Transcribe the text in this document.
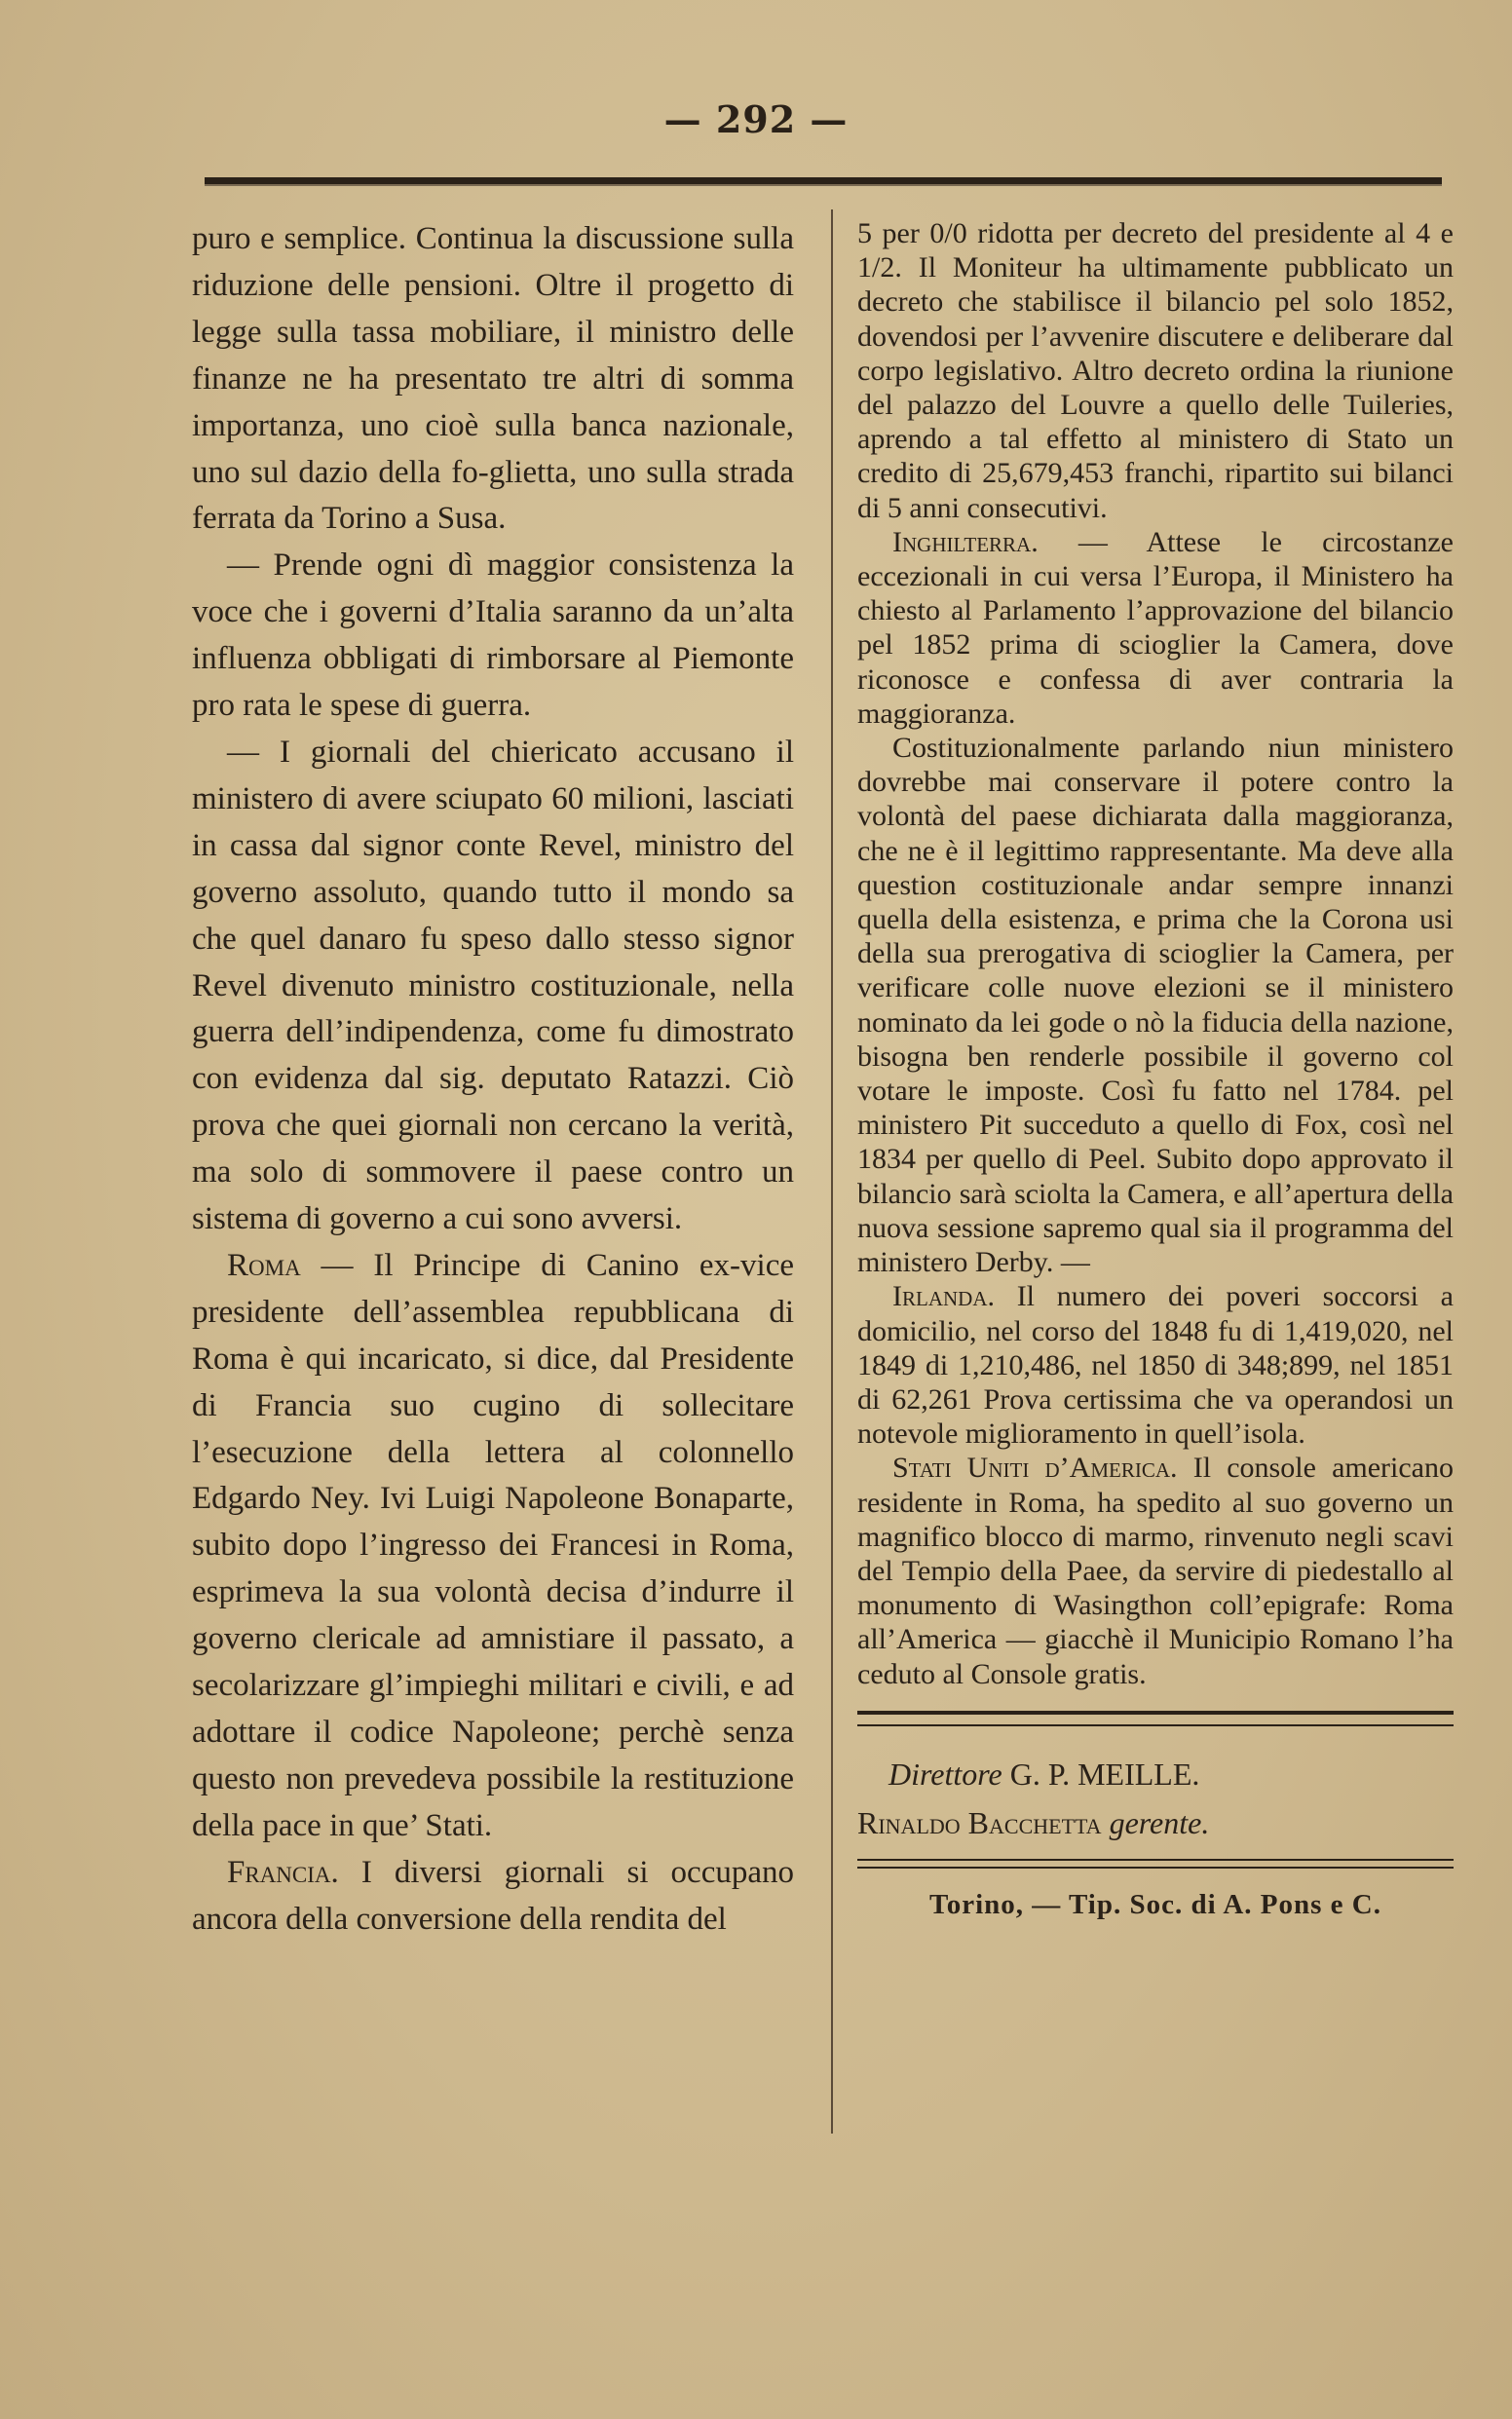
— 292 —

puro e semplice. Continua la discussione sulla riduzione delle pensioni. Oltre il progetto di legge sulla tassa mobiliare, il ministro delle finanze ne ha presentato tre altri di somma importanza, uno cioè sulla banca nazionale, uno sul dazio della fo-glietta, uno sulla strada ferrata da Torino a Susa.

— Prende ogni dì maggior consistenza la voce che i governi d’Italia saranno da un’alta influenza obbligati di rimborsare al Piemonte pro rata le spese di guerra.

— I giornali del chiericato accusano il ministero di avere sciupato 60 milioni, lasciati in cassa dal signor conte Revel, ministro del governo assoluto, quando tutto il mondo sa che quel danaro fu speso dallo stesso signor Revel divenuto ministro costituzionale, nella guerra dell’indipendenza, come fu dimostrato con evidenza dal sig. deputato Ratazzi. Ciò prova che quei giornali non cercano la verità, ma solo di sommovere il paese contro un sistema di governo a cui sono avversi.

Roma — Il Principe di Canino ex-vice presidente dell’assemblea repubblicana di Roma è qui incaricato, si dice, dal Presidente di Francia suo cugino di sollecitare l’esecuzione della lettera al colonnello Edgardo Ney. Ivi Luigi Napoleone Bonaparte, subito dopo l’ingresso dei Francesi in Roma, esprimeva la sua volontà decisa d’indurre il governo clericale ad amnistiare il passato, a secolarizzare gl’impieghi militari e civili, e ad adottare il codice Napoleone; perchè senza questo non prevedeva possibile la restituzione della pace in que’ Stati.

Francia. I diversi giornali si occupano ancora della conversione della rendita del

5 per 0/0 ridotta per decreto del presidente al 4 e 1/2. Il Moniteur ha ultimamente pubblicato un decreto che stabilisce il bilancio pel solo 1852, dovendosi per l’avvenire discutere e deliberare dal corpo legislativo. Altro decreto ordina la riunione del palazzo del Louvre a quello delle Tuileries, aprendo a tal effetto al ministero di Stato un credito di 25,679,453 franchi, ripartito sui bilanci di 5 anni consecutivi.

Inghilterra. — Attese le circostanze eccezionali in cui versa l’Europa, il Ministero ha chiesto al Parlamento l’approvazione del bilancio pel 1852 prima di scioglier la Camera, dove riconosce e confessa di aver contraria la maggioranza.

Costituzionalmente parlando niun ministero dovrebbe mai conservare il potere contro la volontà del paese dichiarata dalla maggioranza, che ne è il legittimo rappresentante. Ma deve alla question costituzionale andar sempre innanzi quella della esistenza, e prima che la Corona usi della sua prerogativa di scioglier la Camera, per verificare colle nuove elezioni se il ministero nominato da lei gode o nò la fiducia della nazione, bisogna ben renderle possibile il governo col votare le imposte. Così fu fatto nel 1784. pel ministero Pit succeduto a quello di Fox, così nel 1834 per quello di Peel. Subito dopo approvato il bilancio sarà sciolta la Camera, e all’apertura della nuova sessione sapremo qual sia il programma del ministero Derby. —

Irlanda. Il numero dei poveri soccorsi a domicilio, nel corso del 1848 fu di 1,419,020, nel 1849 di 1,210,486, nel 1850 di 348;899, nel 1851 di 62,261 Prova certissima che va operandosi un notevole miglioramento in quell’isola.

Stati Uniti d’America. Il console americano residente in Roma, ha spedito al suo governo un magnifico blocco di marmo, rinvenuto negli scavi del Tempio della Paee, da servire di piedestallo al monumento di Wasingthon coll’epigrafe: Roma all’America — giacchè il Municipio Romano l’ha ceduto al Console gratis.

Direttore G. P. MEILLE.

Rinaldo Bacchetta gerente.

Torino, — Tip. Soc. di A. Pons e C.
